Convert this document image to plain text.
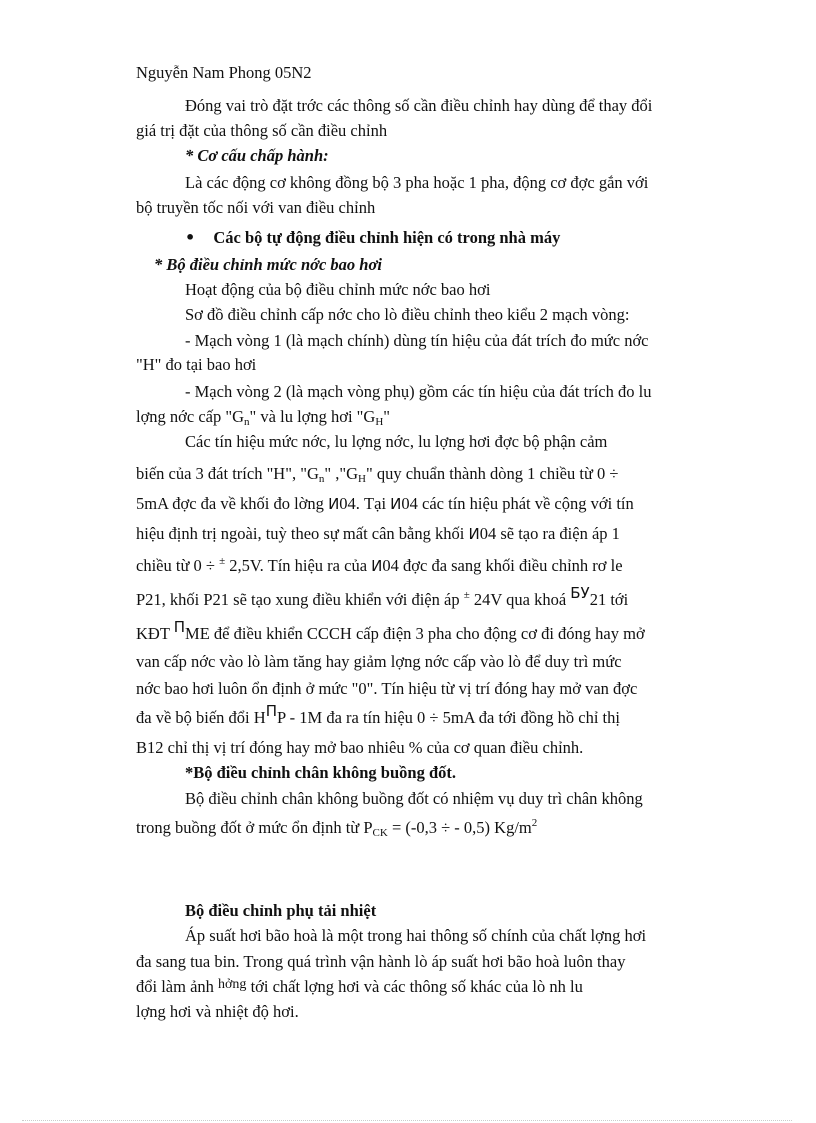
Nguyễn Nam Phong 05N2

Đóng vai trò đặt trớc các thông số cần điều chỉnh hay dùng để thay đổi

giá trị đặt của thông số cần điều chỉnh

* Cơ cấu chấp hành:

Là các động cơ không đồng bộ 3 pha hoặc 1 pha, động cơ đợc gắn với

bộ truyền tốc nối với van điều chỉnh

• Các bộ tự động điều chỉnh hiện có trong nhà máy

* Bộ điều chỉnh mức nớc bao hơi

Hoạt động của bộ điều chỉnh mức nớc bao hơi

Sơ đồ điều chỉnh cấp nớc cho lò điều chỉnh theo kiểu 2 mạch vòng:

- Mạch vòng 1 (là mạch chính) dùng tín hiệu của đát trích đo mức nớc

"H" đo tại bao hơi

- Mạch vòng 2 (là mạch vòng phụ) gồm các tín hiệu của đát trích đo lu

lợng nớc cấp "$G_n$" và lu lợng hơi "$G_H$"

Các tín hiệu mức nớc, lu lợng nớc, lu lợng hơi đợc bộ phận cảm

biến của 3 đát trích "H", "$G_n$" $,"G_H$" quy chuẩn thành dòng 1 chiều từ 0 ÷

5mA đợc đa về khối đo lờng И04. Tại И04 các tín hiệu phát về cộng với tín

hiệu định trị ngoài, tuỳ theo sự mất cân bằng khối И04 sẽ tạo ra điện áp 1

chiều từ 0 ÷ ± 2,5V. Tín hiệu ra của И04 đợc đa sang khối điều chỉnh rơ le

P21, khối P21 sẽ tạo xung điều khiển với điện áp ± 24V qua khoá $^{БУ}$21 tới

KĐT $^П$ME để điều khiển CCCH cấp điện 3 pha cho động cơ đi đóng hay mở

van cấp nớc vào lò làm tăng hay giảm lợng nớc cấp vào lò để duy trì mức

nớc bao hơi luôn ổn định ở mức "0". Tín hiệu từ vị trí đóng hay mở van đợc

đa về bộ biến đổi $H^ПP - 1M$ đa ra tín hiệu 0 ÷ 5mA đa tới đồng hồ chỉ thị

B12 chỉ thị vị trí đóng hay mở bao nhiêu % của cơ quan điều chỉnh.

*Bộ điều chỉnh chân không buồng đốt.

Bộ điều chỉnh chân không buồng đốt có nhiệm vụ duy trì chân không

trong buồng đốt ở mức ổn định từ $P_{CK} = (-0,3$ ÷ - 0,5) $Kg/m^2$

Bộ điều chỉnh phụ tải nhiệt

Áp suất hơi bão hoà là một trong hai thông số chính của chất lợng hơi

đa sang tua bin. Trong quá trình vận hành lò áp suất hơi bão hoà luôn thay

đổi làm ảnh $^{hởng}$ tới chất lợng hơi và các thông số khác của lò nh lu

lợng hơi và nhiệt độ hơi.
